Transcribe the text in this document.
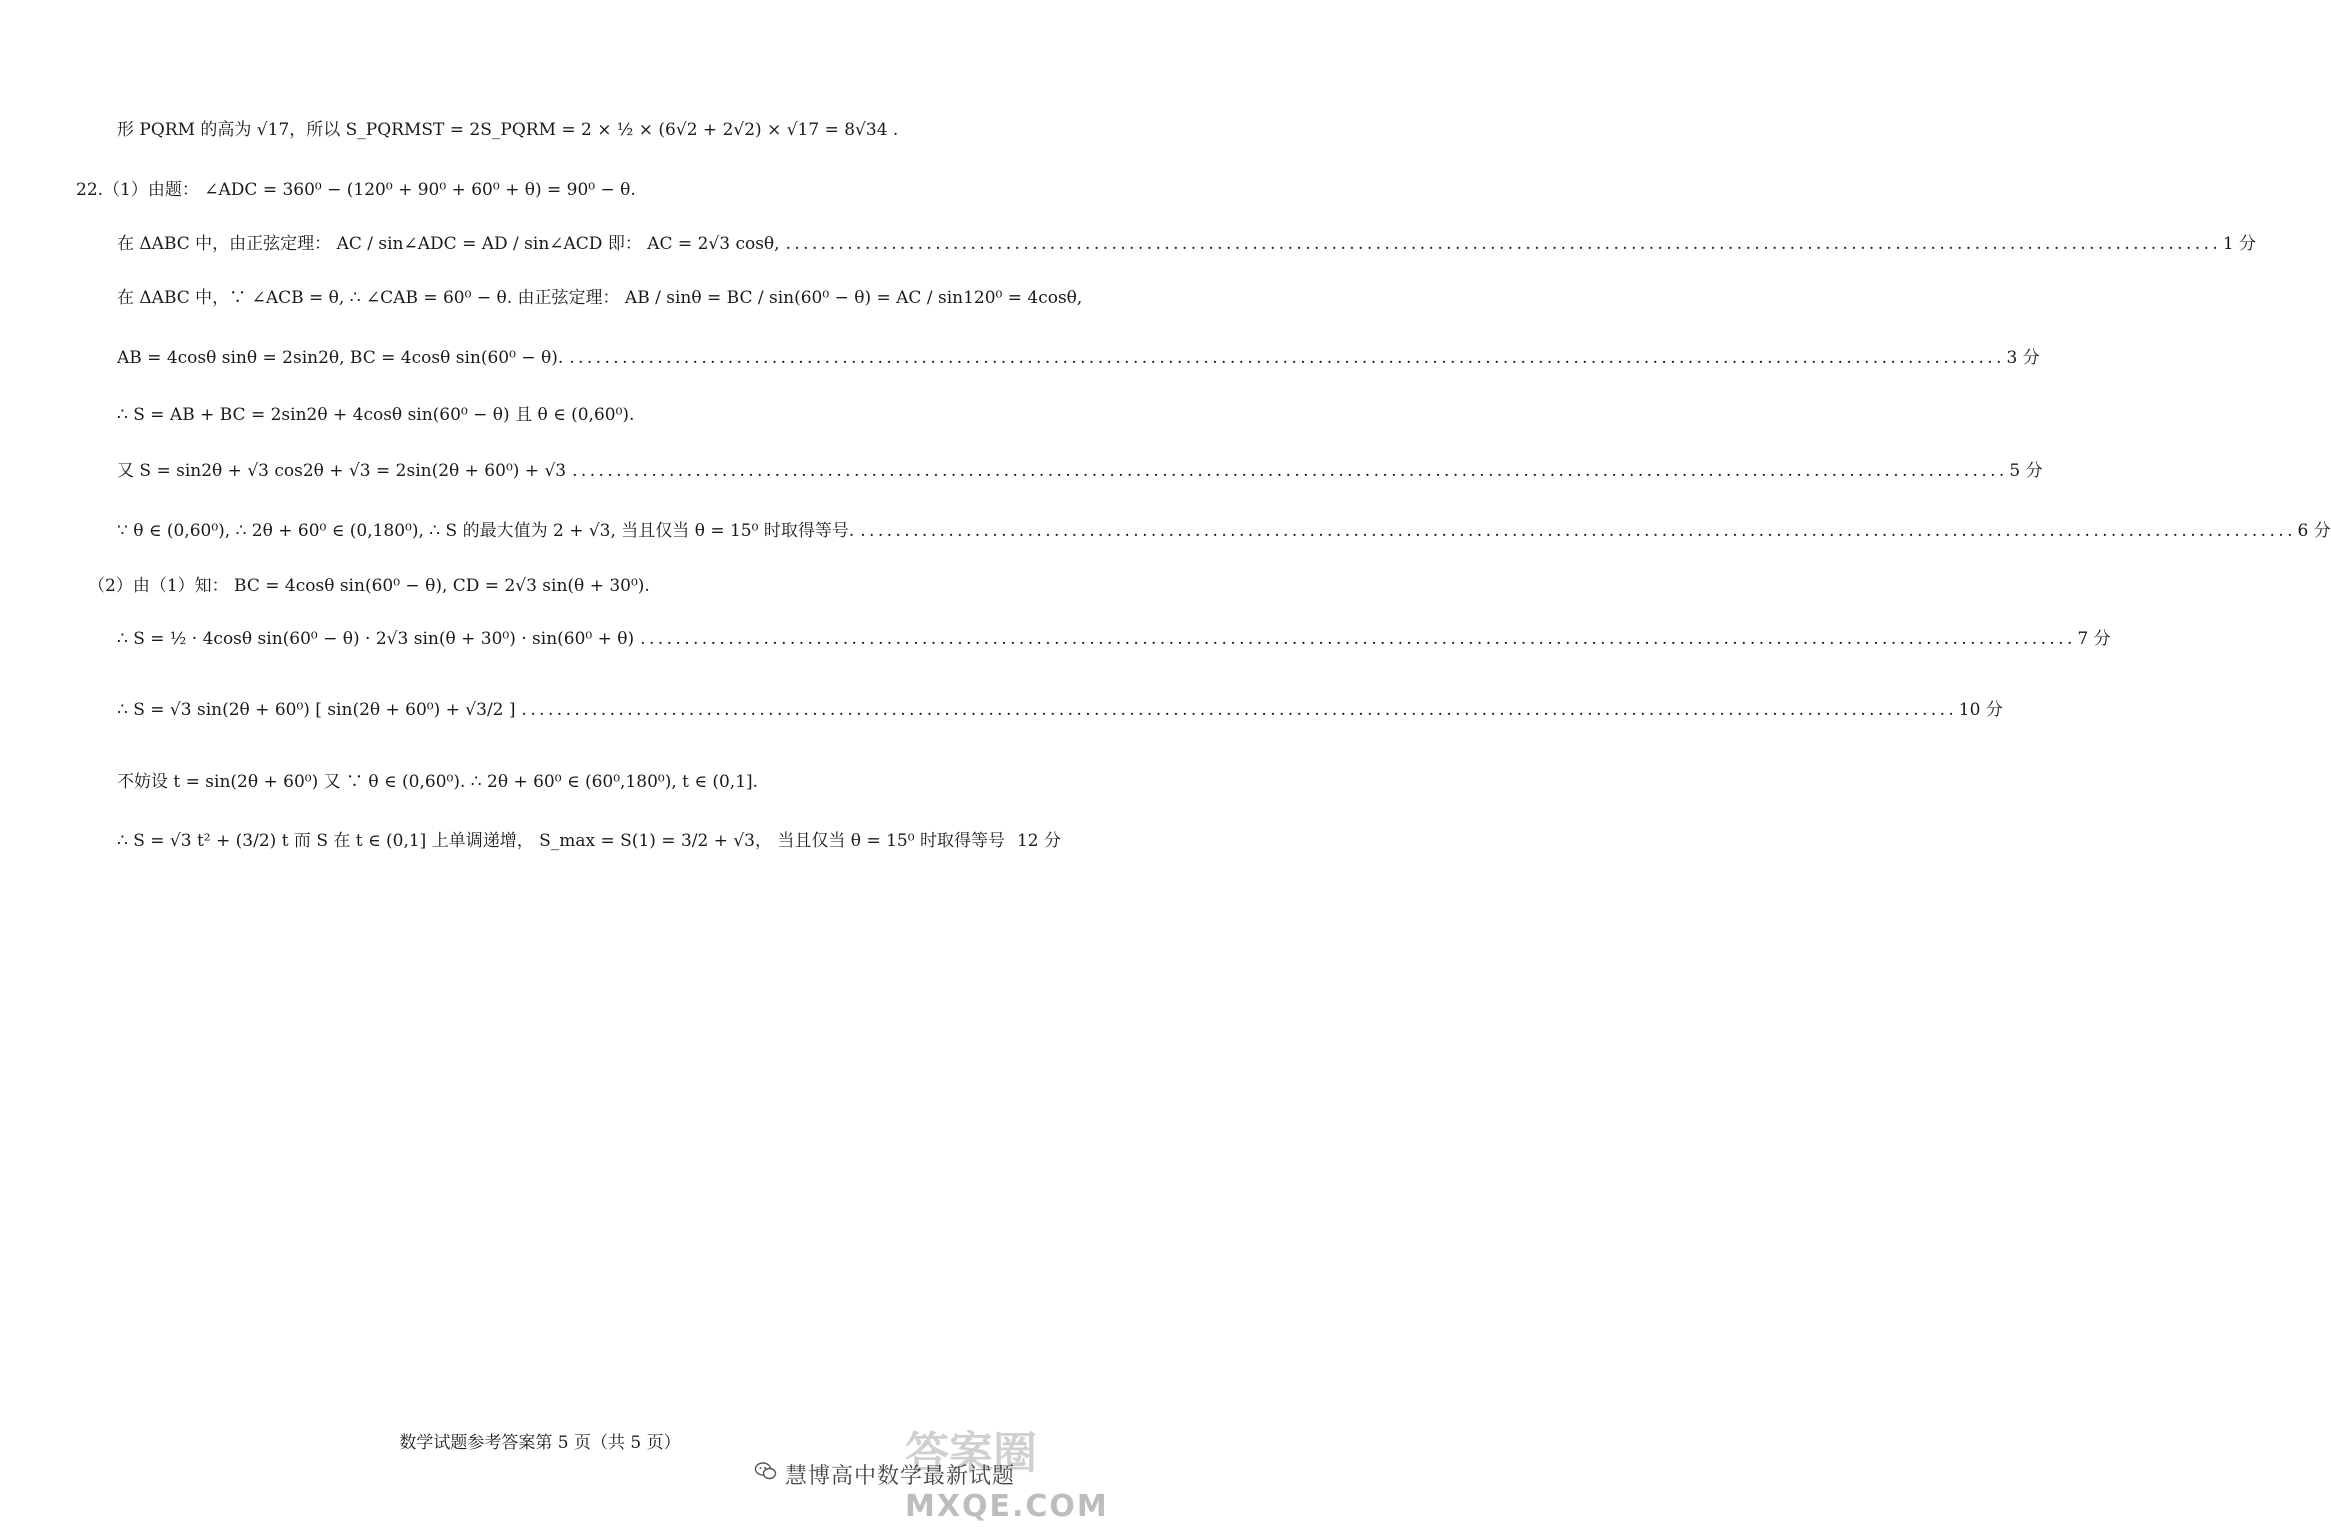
形 PQRM 的高为 √17，所以 S_PQRMST = 2S_PQRM = 2 × ½ × (6√2 + 2√2) × √17 = 8√34 .
22.（1）由题： ∠ADC = 360⁰ − (120⁰ + 90⁰ + 60⁰ + θ) = 90⁰ − θ.
在 ΔABC 中，由正弦定理： AC / sin∠ADC = AD / sin∠ACD 即： AC = 2√3 cosθ, . . .	1 分
在 ΔABC 中，∵ ∠ACB = θ, ∴ ∠CAB = 60⁰ − θ. 由正弦定理： AB / sinθ = BC / sin(60⁰ − θ) = AC / sin120⁰ = 4cosθ,
AB = 4cosθ sinθ = 2sin2θ, BC = 4cosθ sin(60⁰ − θ). . . .	3 分
∴ S = AB + BC = 2sin2θ + 4cosθ sin(60⁰ − θ) 且 θ ∈ (0,60⁰).
又 S = sin2θ + √3 cos2θ + √3 = 2sin(2θ + 60⁰) + √3 . . .	5 分
∵ θ ∈ (0,60⁰), ∴ 2θ + 60⁰ ∈ (0,180⁰), ∴ S 的最大值为 2 + √3, 当且仅当 θ = 15⁰ 时取得等号. . . .	6 分
（2）由（1）知： BC = 4cosθ sin(60⁰ − θ), CD = 2√3 sin(θ + 30⁰).
∴ S = ½ · 4cosθ sin(60⁰ − θ) · 2√3 sin(θ + 30⁰) · sin(60⁰ + θ) . . .	7 分
∴ S = √3 sin(2θ + 60⁰) [ sin(2θ + 60⁰) + √3/2 ] . . .	10 分
不妨设 t = sin(2θ + 60⁰) 又 ∵ θ ∈ (0,60⁰). ∴ 2θ + 60⁰ ∈ (60⁰,180⁰), t ∈ (0,1].
∴ S = √3 t² + (3/2) t 而 S 在 t ∈ (0,1] 上单调递增， S_max = S(1) = 3/2 + √3， 当且仅当 θ = 15⁰ 时取得等号 12 分
数学试题参考答案第 5 页（共 5 页）	答案圈
慧博高中数学最新试题
MXQE.COM
